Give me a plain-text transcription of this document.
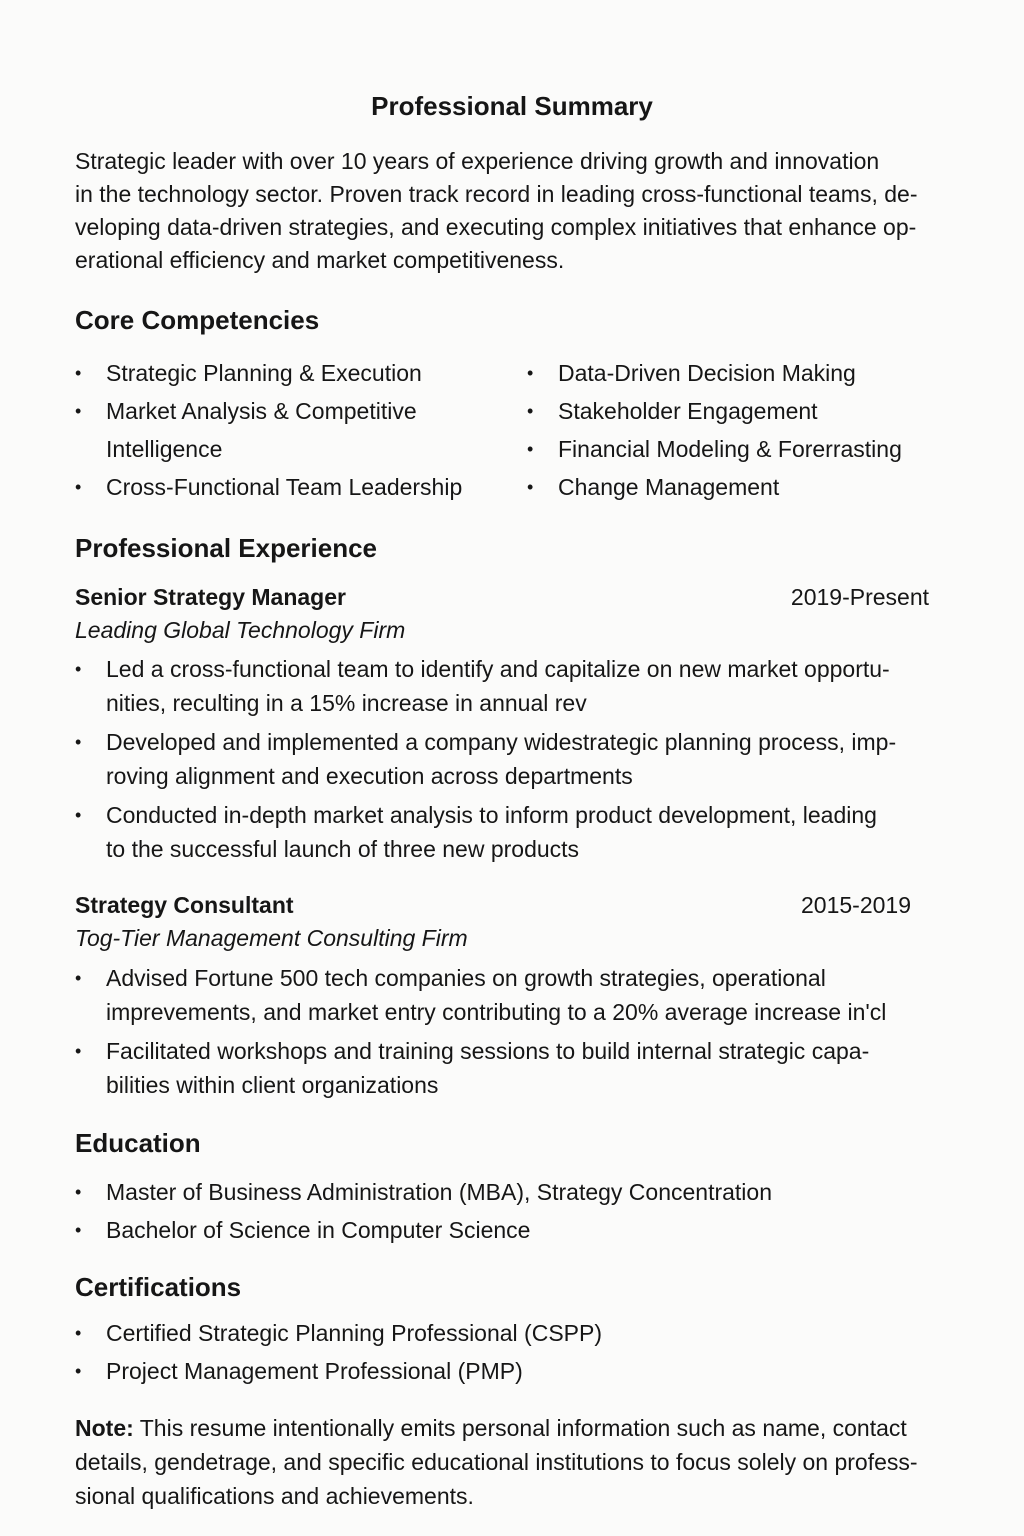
Professional Summary
Strategic leader with over 10 years of experience driving growth and innovation
in the technology sector. Proven track record in leading cross-functional teams, de-
veloping data-driven strategies, and executing complex initiatives that enhance op-
erational efficiency and market competitiveness.
Core Competencies
• Strategic Planning & Execution
• Market Analysis & Competitive
Intelligence
• Cross-Functional Team Leadership
• Data-Driven Decision Making
• Stakeholder Engagement
• Financial Modeling & Forerrasting
• Change Management
Professional Experience
Senior Strategy Manager	2019-Present
Leading Global Technology Firm
• Led a cross-functional team to identify and capitalize on new market opportu-
nities, reculting in a 15% increase in annual rev
• Developed and implemented a company widestrategic planning process, imp-
roving alignment and execution across departments
• Conducted in-depth market analysis to inform product development, leading
to the successful launch of three new products
Strategy Consultant	2015-2019
Tog-Tier Management Consulting Firm
• Advised Fortune 500 tech companies on growth strategies, operational
imprevements, and market entry contributing to a 20% average increase in'cl
• Facilitated workshops and training sessions to build internal strategic capa-
bilities within client organizations
Education
• Master of Business Administration (MBA), Strategy Concentration
• Bachelor of Science in Computer Science
Certifications
• Certified Strategic Planning Professional (CSPP)
• Project Management Professional (PMP)
Note: This resume intentionally emits personal information such as name, contact
details, gendetrage, and specific educational institutions to focus solely on profess-
sional qualifications and achievements.
